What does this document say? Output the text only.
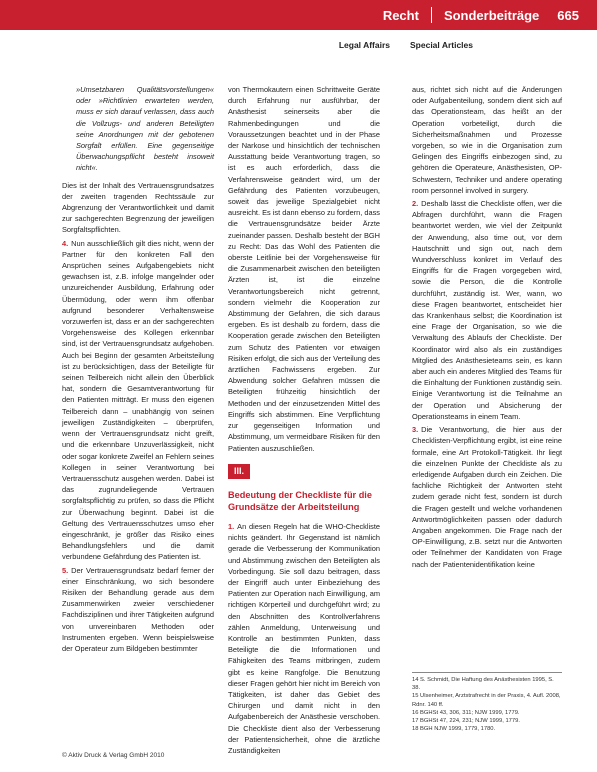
Recht Sonderbeiträge 665
Legal Affairs Special Articles

»Umsetzbaren Qualitätsvorstellungen« oder »Richtlinien erwarteten werden, muss er sich darauf verlassen, dass auch die Vollzugs- und anderen Beteiligten seine Anordnungen mit der gebotenen Sorgfalt erfüllen. Eine gegenseitige Überwachungspflicht besteht insoweit nicht«.

Dies ist der Inhalt des Vertrauensgrundsatzes der zweiten tragenden Rechtssäule zur Abgrenzung der Verantwortlichkeit und damit zur sachgerechten Begrenzung der jeweiligen Sorgfaltspflichten.

4. Nun ausschließlich gilt dies nicht, wenn der Partner für den konkreten Fall den Ansprüchen seines Aufgabengebiets nicht gewachsen ist, z.B. infolge mangelnder oder unzureichender Ausbildung, Erfahrung oder Übermüdung, oder wenn ihm offenbar aufgrund besonderer Verhaltensweise vorzuwerfen ist, dass er an der sachgerechten Vorgehensweise des Kollegen erkennbar sind, ist der Vertrauensgrundsatz aufgehoben. Auch bei Beginn der gesamten Arbeitsteilung ist zu berücksichtigen, dass der Beteiligte für seinen Teilbereich nicht allein den Überblick hat, sondern die Gesamtverantwortung für den Patienten mitträgt. Er muss den eigenen Teilbereich dann – unabhängig von seinen jeweiligen Zuständigkeiten – überprüfen, wenn der Vertrauensgrundsatz nicht greift, und die erkennbare Unzuverlässigkeit, nicht oder sogar konkrete Zweifel an Fehlern seines Kollegen in seiner Verantwortung bei Vertrauensschutz ausgehen werden. Dabei ist das zugrundeliegende Vertrauen sorgfaltspflichtig zu prüfen, so dass die Pflicht zur Überwachung beginnt. Dabei ist die Geltung des Vertrauensschutzes umso eher eingeschränkt, je größer das Risiko eines Behandlungsfehlers und die damit verbundene Gefährdung des Patienten ist.

5. Der Vertrauensgrundsatz bedarf ferner der einer Einschränkung, wo sich besondere Risiken der Behandlung gerade aus dem Zusammenwirken zweier verschiedener Fachdisziplinen und ihrer Tätigkeiten aufgrund von unvereinbaren Methoden oder Instrumenten ergeben. Wenn beispielsweise der Operateur zum Bildgeben bestimmter

von Thermokautern einen Schrittweite Geräte durch Erfahrung nur ausführbar, der Anästhesist seinerseits aber die Rahmenbedingungen und die Voraussetzungen beachtet und in der Phase der Narkose und hinsichtlich der technischen Ausstattung beide Verantwortung tragen, so ist es auch erforderlich, dass die Verfahrensweise geändert wird, um der Gefährdung des Patienten vorzubeugen, soweit das jeweilige Spezialgebiet nicht ausreicht. Es ist dann ebenso zu fordern, dass die Vertrauensgrundsätze beider Ärzte zueinander passen. Deshalb besteht der BGH zu Recht: Das das Wohl des Patienten die oberste Leitlinie bei der Vorgehensweise für die Zusammenarbeit zwischen den beteiligten Ärzten ist, ist die einzelne Verantwortungsbereich nicht getrennt, sondern vielmehr die Kooperation zur Abstimmung der Gefahren, die sich daraus ergeben. Es ist deshalb zu fordern, dass die Kooperation gerade zwischen den Beteiligten zum Schutz des Patienten vor etwaigen Risiken erfolgt, die sich aus der Verteilung des ärztlichen Fachwissens ergeben. Zur Abwendung solcher Gefahren müssen die Beteiligten frühzeitig hinsichtlich der Methoden und der einzusetzenden Mittel des Eingriffs sich abstimmen. Eine Verpflichtung zur gegenseitigen Information und Abstimmung, um vermeidbare Risiken für den Patienten auszuschließen.

III.

Bedeutung der Checkliste für die Grundsätze der Arbeitsteilung

1. An diesen Regeln hat die WHO-Checkliste nichts geändert. Ihr Gegenstand ist nämlich gerade die Verbesserung der Kommunikation und Abstimmung zwischen den Beteiligten als Vorbedingung. Sie soll dazu beitragen, dass der Eingriff auch unter Einbeziehung des Patienten zur Operation nach Einwilligung, am richtigen Körperteil und durchgeführt wird; zu den Abschnitten des Kontrollverfahrens zählen Anmeldung, Unterweisung und Kontrolle an bestimmten Punkten, dass Beteiligte die die Informationen und Fähigkeiten des Teams mitbringen, zudem gibt es keine Rangfolge. Die Benutzung dieser Fragen gehört hier nicht im Bereich von Tätigkeiten, ist daher das Gebiet des Chirurgen und damit nicht in den Aufgabenbereich der Anästhesie verschoben. Die Checkliste dient also der Verbesserung der Patientensicherheit, ohne die ärztliche Zuständigkeiten

aus, richtet sich nicht auf die Änderungen oder Aufgabenteilung, sondern dient sich auf das Operationsteam, das heißt an der Operation vorbeteiligt, durch die Sicherheitsmaßnahmen und Prozesse vorgeben, so wie in die Organisation zum Gelingen des Eingriffs einbezogen sind, zu gehören die Operateure, Anästhesisten, OP-Schwestern, Techniker und andere operating room personnel involved in surgery.

2. Deshalb lässt die Checkliste offen, wer die Abfragen durchführt, wann die Fragen beantwortet werden, wie viel der Zeitpunkt der Anwendung, also time out, vor dem Hautschnitt und sign out, nach dem Wundverschluss konkret im Verlauf des Eingriffs für die Fragen vorgegeben wird, sowie die Person, die die Kontrolle durchführt, zuständig ist. Wer, wann, wo diese Fragen beantwortet, entscheidet hier das Krankenhaus selbst; die Koordination ist eine Frage der Organisation, so wie die Verwaltung des Ablaufs der Checkliste. Der Koordinator wird also als ein zuständiges Mitglied des Anästhesieteams sein, es kann aber auch ein anderes Mitglied des Teams für die Einhaltung der Funktionen zuständig sein. Einige Verantwortung ist die Teilnahme an der Operation und Absicherung der Operationsteams in einem Team.

3. Die Verantwortung, die hier aus der Checklisten-Verpflichtung ergibt, ist eine reine formale, eine Art Protokoll-Tätigkeit. Ihr liegt die einzelnen Punkte der Checkliste als zu erledigende Aufgaben durch ein Zeichen. Die fachliche Richtigkeit der Antworten steht zudem gerade nicht fest, sondern ist durch die Fragen gestellt und welche vorhandenen Antwortmöglichkeiten passen oder dadurch Angaben angekommen. Die Frage nach der OP-Einwilligung, z.B. setzt nur die Antworten oder Teilnehmer der Kandidaten von Frage nach der Patientenidentifikation keine

14 S. Schmidt, Die Haftung des Anästhesisten 1995, S. 38.
15 Ulsenheimer, Arztstrafrecht in der Praxis, 4. Aufl. 2008, Rdnr. 140 ff.
16 BGHSt 43, 306, 311; NJW 1999, 1779.
17 BGHSt 47, 224, 231; NJW 1999, 1779.
18 BGH NJW 1999, 1779, 1780.
© Aktiv Druck & Verlag GmbH 2010
